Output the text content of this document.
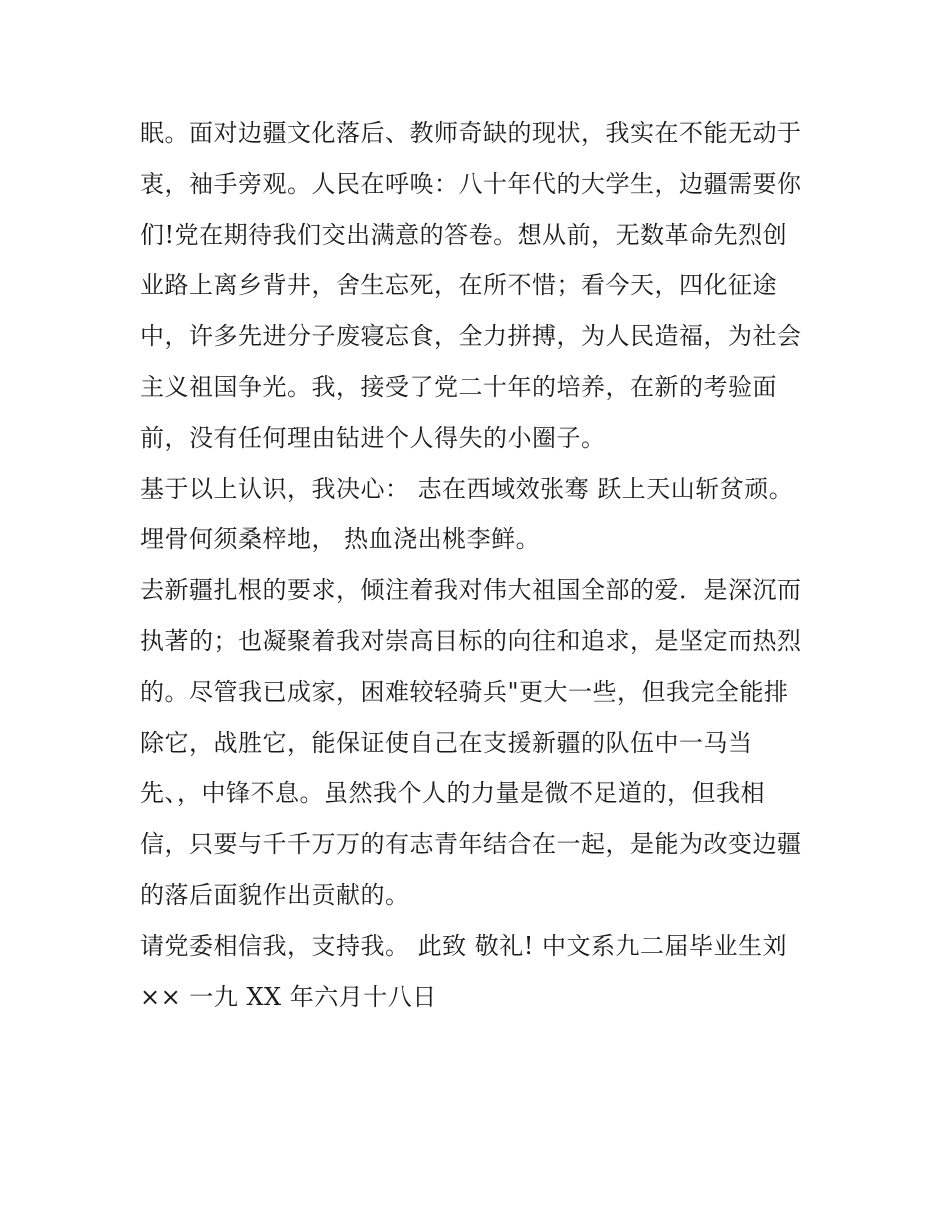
眠。面对边疆文化落后、教师奇缺的现状，我实在不能无动于
衷，袖手旁观。人民在呼唤：八十年代的大学生，边疆需要你
们!党在期待我们交出满意的答卷。想从前，无数革命先烈创
业路上离乡背井，舍生忘死，在所不惜；看今天，四化征途
中，许多先进分子废寝忘食，全力拼搏，为人民造福，为社会
主义祖国争光。我，接受了党二十年的培养，在新的考验面
前，没有任何理由钻进个人得失的小圈子。
基于以上认识，我决心： 志在西域效张骞 跃上天山斩贫顽。
埋骨何须桑梓地， 热血浇出桃李鲜。
去新疆扎根的要求，倾注着我对伟大祖国全部的爱．是深沉而
执著的；也凝聚着我对崇高目标的向往和追求，是坚定而热烈
的。尽管我已成家，困难较轻骑兵"更大一些，但我完全能排
除它，战胜它，能保证使自己在支援新疆的队伍中一马当
先、，中锋不息。虽然我个人的力量是微不足道的，但我相
信，只要与千千万万的有志青年结合在一起，是能为改变边疆
的落后面貌作出贡献的。
请党委相信我，支持我。 此致 敬礼! 中文系九二届毕业生刘
×× 一九 XX 年六月十八日
